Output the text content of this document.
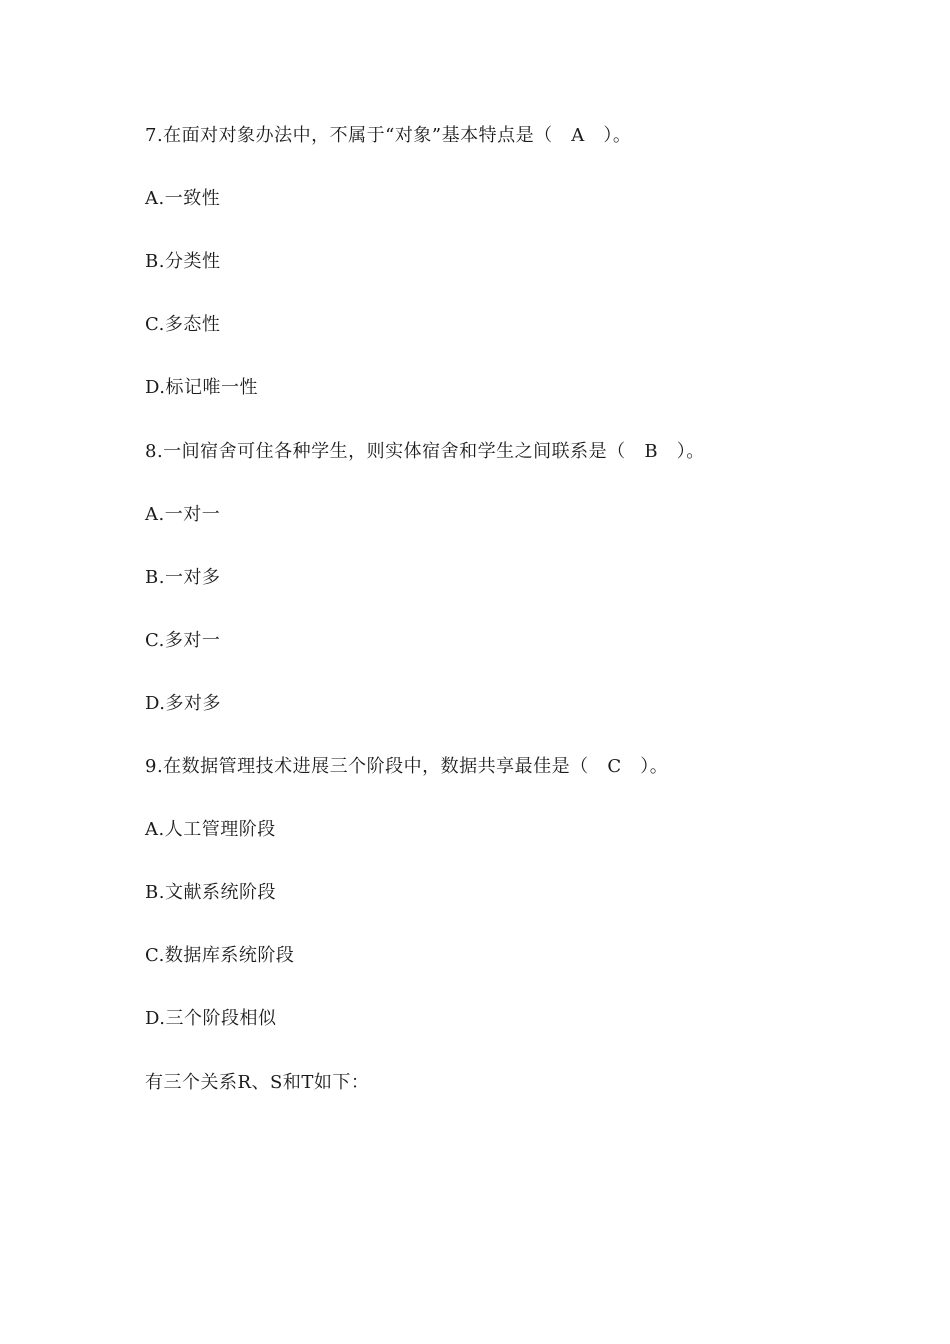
7.在面对对象办法中，不属于“对象”基本特点是（   A   ）。
A.一致性
B.分类性
C.多态性
D.标记唯一性
8.一间宿舍可住各种学生，则实体宿舍和学生之间联系是（   B   ）。
A.一对一
B.一对多
C.多对一
D.多对多
9.在数据管理技术进展三个阶段中，数据共享最佳是（   C   ）。
A.人工管理阶段
B.文献系统阶段
C.数据库系统阶段
D.三个阶段相似
有三个关系R、S和T如下：
